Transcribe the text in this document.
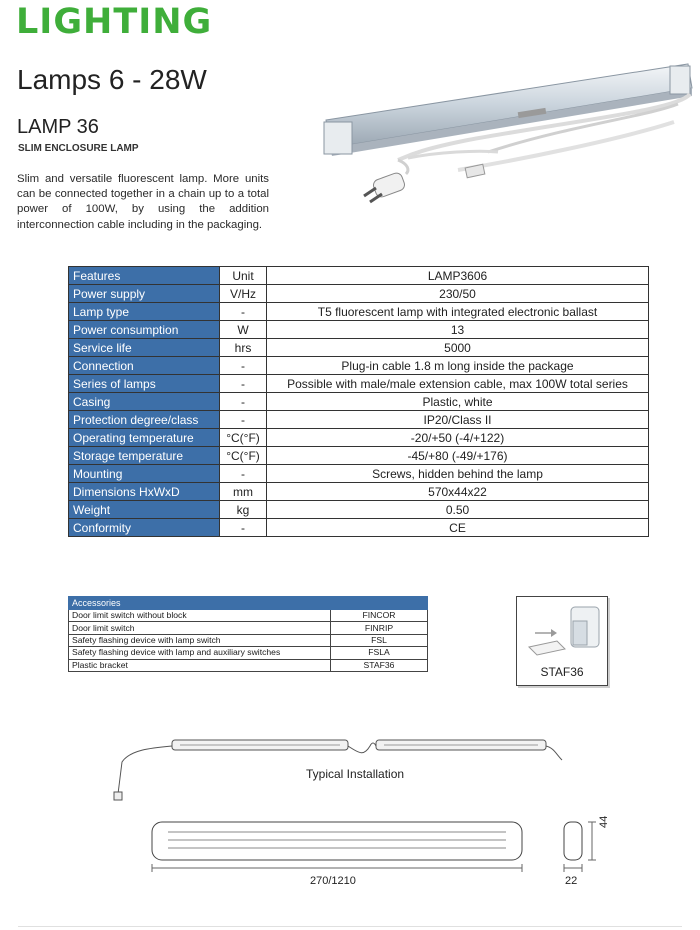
LIGHTING
Lamps 6 - 28W
LAMP 36
SLIM ENCLOSURE LAMP
Slim and versatile fluorescent lamp. More units can be connected together in a chain up to a total power of 100W, by using the addition interconnection cable including in the packaging.
Features	Unit	LAMP3606
Power supply	V/Hz	230/50
Lamp type	-	T5 fluorescent lamp with integrated electronic ballast
Power consumption	W	13
Service life	hrs	5000
Connection	-	Plug-in cable 1.8 m long inside the package
Series of lamps	-	Possible with male/male extension cable, max 100W total series
Casing	-	Plastic, white
Protection degree/class	-	IP20/Class II
Operating temperature	°C(°F)	-20/+50 (-4/+122)
Storage temperature	°C(°F)	-45/+80 (-49/+176)
Mounting	-	Screws, hidden behind the lamp
Dimensions HxWxD	mm	570x44x22
Weight	kg	0.50
Conformity	-	CE
Accessories	
Door limit switch without block	FINCOR
Door limit switch	FINRIP
Safety flashing device with lamp switch	FSL
Safety flashing device with lamp and auxiliary switches	FSLA
Plastic bracket	STAF36
STAF36
Typical Installation
270/1210	22
44
